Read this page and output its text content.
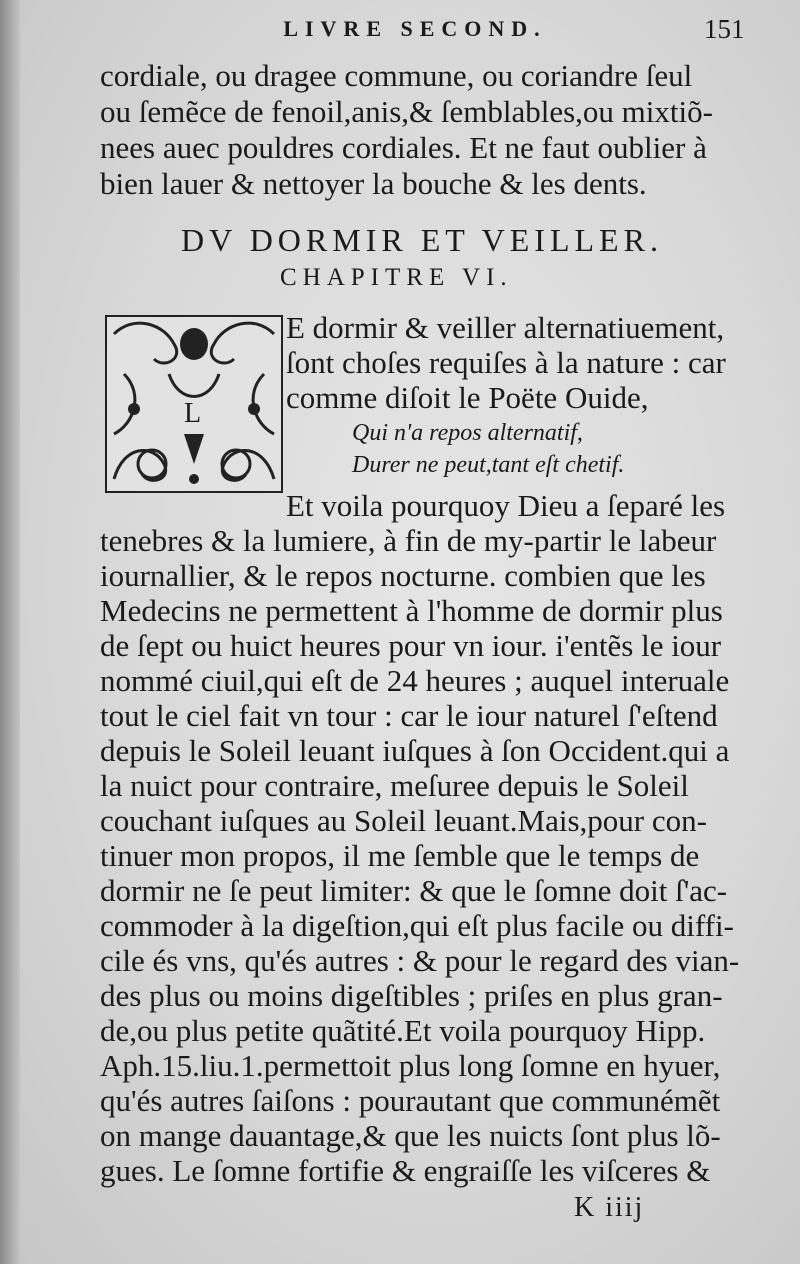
LIVRE SECOND.	151
cordiale, ou dragee commune, ou coriandre ſeul
ou ſemẽce de fenoil,anis,& ſemblables,ou mixtiõ-
nees auec pouldres cordiales. Et ne faut oublier à
bien lauer & nettoyer la bouche & les dents.
DV DORMIR ET VEILLER.
CHAPITRE VI.
L
E dormir & veiller alternatiuement,
ſont choſes requiſes à la nature : car
comme diſoit le Poëte Ouide,
Qui n'a repos alternatif,
Durer ne peut,tant eſt chetif.
Et voila pourquoy Dieu a ſeparé les
tenebres & la lumiere, à fin de my-partir le labeur
iournallier, & le repos nocturne. combien que les
Medecins ne permettent à l'homme de dormir plus
de ſept ou huict heures pour vn iour. i'entẽs le iour
nommé ciuil,qui eſt de 24 heures ; auquel interuale
tout le ciel fait vn tour : car le iour naturel ſ'eſtend
depuis le Soleil leuant iuſques à ſon Occident.qui a
la nuict pour contraire, meſuree depuis le Soleil
couchant iuſques au Soleil leuant.Mais,pour con-
tinuer mon propos, il me ſemble que le temps de
dormir ne ſe peut limiter: & que le ſomne doit ſ'ac-
commoder à la digeſtion,qui eſt plus facile ou diffi-
cile és vns, qu'és autres : & pour le regard des vian-
des plus ou moins digeſtibles ; priſes en plus gran-
de,ou plus petite quãtité.Et voila pourquoy Hipp.
Aph.15.liu.1.permettoit plus long ſomne en hyuer,
qu'és autres ſaiſons : pourautant que communémẽt
on mange dauantage,& que les nuicts ſont plus lõ-
gues. Le ſomne fortifie & engraiſſe les viſceres &
K iiij
